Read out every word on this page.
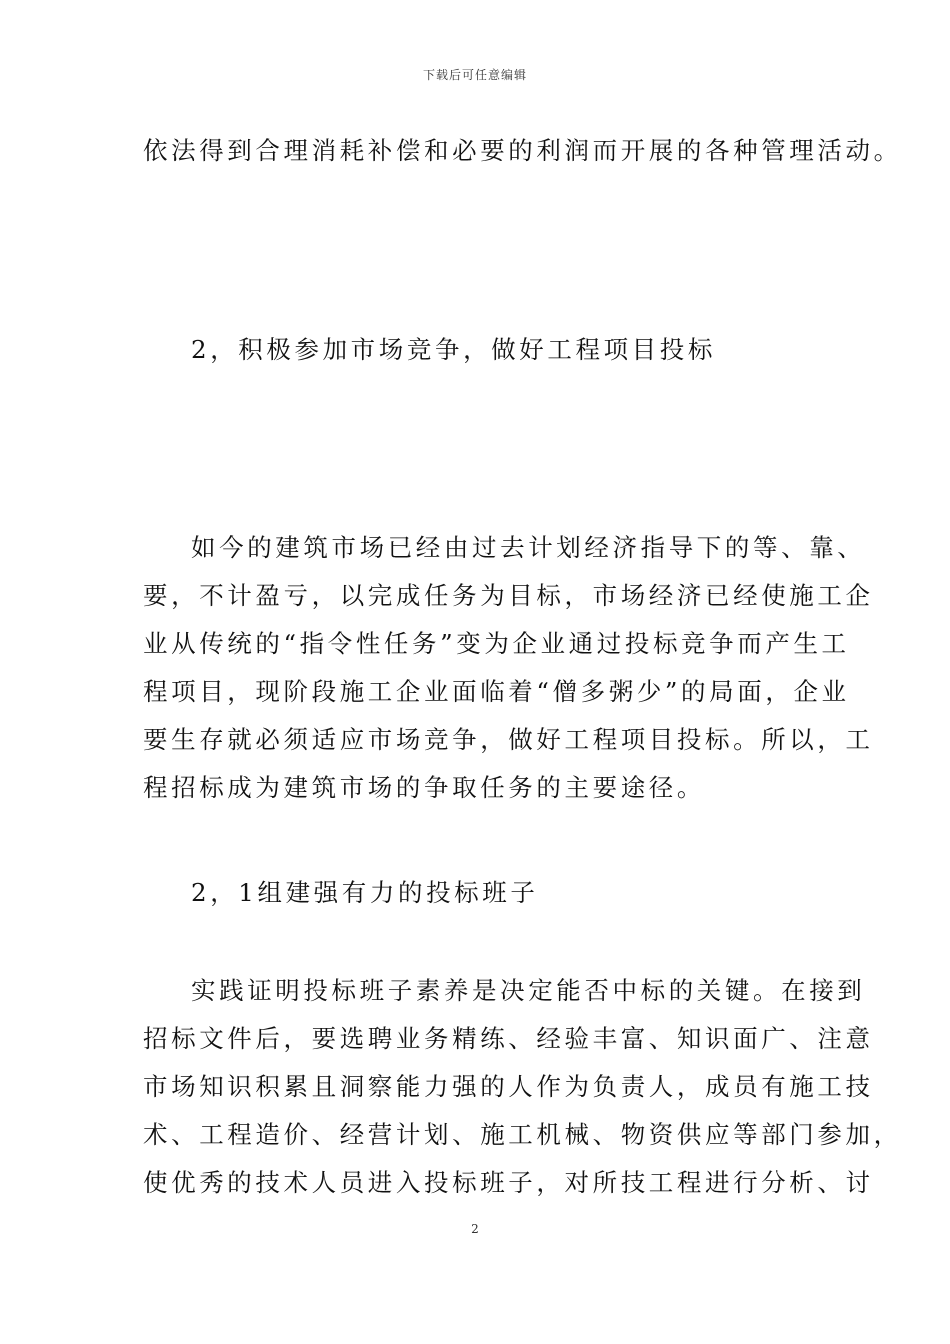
下载后可任意编辑
依法得到合理消耗补偿和必要的利润而开展的各种管理活动。
2，积极参加市场竞争，做好工程项目投标
如今的建筑市场已经由过去计划经济指导下的等、靠、
要，不计盈亏，以完成任务为目标，市场经济已经使施工企
业从传统的“指令性任务”变为企业通过投标竞争而产生工
程项目，现阶段施工企业面临着“僧多粥少”的局面，企业
要生存就必须适应市场竞争，做好工程项目投标。所以，工
程招标成为建筑市场的争取任务的主要途径。
2，1组建强有力的投标班子
实践证明投标班子素养是决定能否中标的关键。在接到
招标文件后，要选聘业务精练、经验丰富、知识面广、注意
市场知识积累且洞察能力强的人作为负责人，成员有施工技
术、工程造价、经营计划、施工机械、物资供应等部门参加，
使优秀的技术人员进入投标班子，对所技工程进行分析、讨
2
